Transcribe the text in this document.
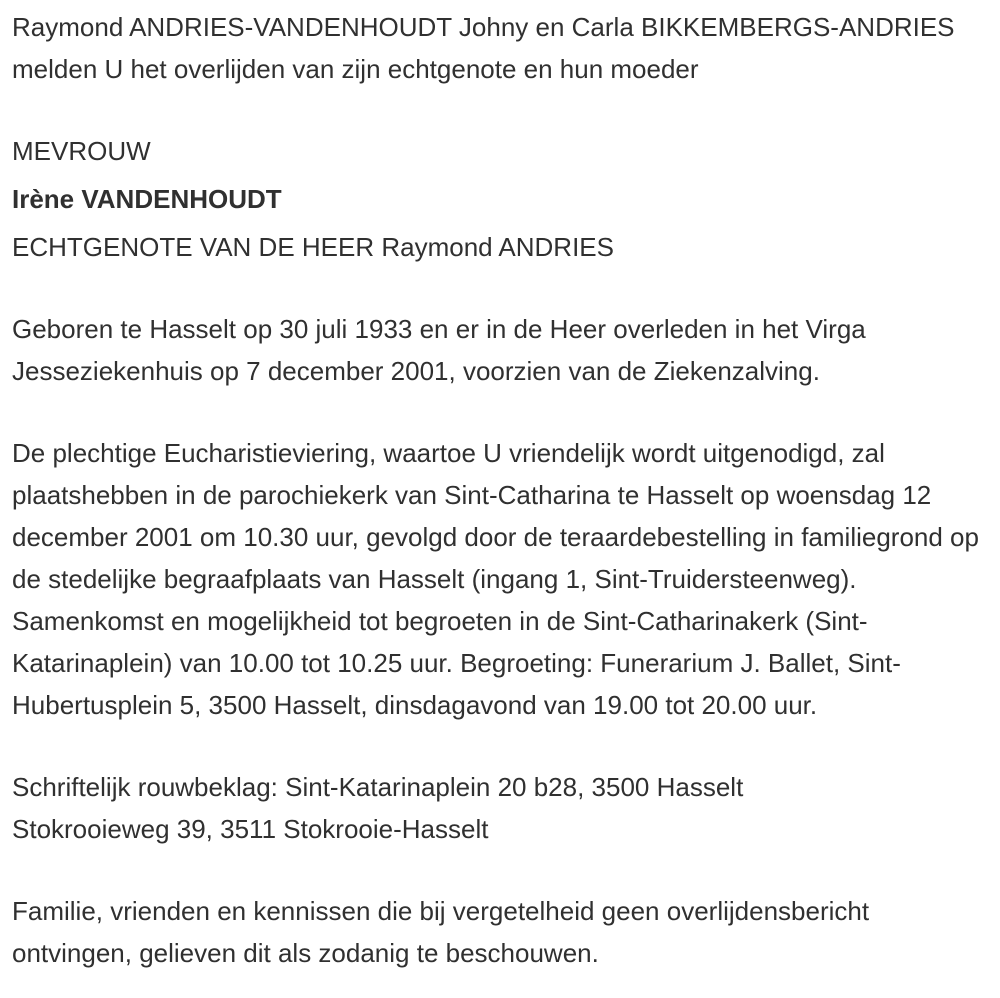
Raymond ANDRIES-VANDENHOUDT Johny en Carla BIKKEMBERGS-ANDRIES melden U het overlijden van zijn echtgenote en hun moeder

MEVROUW

Irène VANDENHOUDT

ECHTGENOTE VAN DE HEER Raymond ANDRIES

Geboren te Hasselt op 30 juli 1933 en er in de Heer overleden in het Virga Jesseziekenhuis op 7 december 2001, voorzien van de Ziekenzalving.

De plechtige Eucharistieviering, waartoe U vriendelijk wordt uitgenodigd, zal plaatshebben in de parochiekerk van Sint-Catharina te Hasselt op woensdag 12 december 2001 om 10.30 uur, gevolgd door de teraardebestelling in familiegrond op de stedelijke begraafplaats van Hasselt (ingang 1, Sint-Truidersteenweg). Samenkomst en mogelijkheid tot begroeten in de Sint-Catharinakerk (Sint-Katarinaplein) van 10.00 tot 10.25 uur. Begroeting: Funerarium J. Ballet, Sint-Hubertusplein 5, 3500 Hasselt, dinsdagavond van 19.00 tot 20.00 uur.

Schriftelijk rouwbeklag: Sint-Katarinaplein 20 b28, 3500 Hasselt
Stokrooieweg 39, 3511 Stokrooie-Hasselt

Familie, vrienden en kennissen die bij vergetelheid geen overlijdensbericht ontvingen, gelieven dit als zodanig te beschouwen.
